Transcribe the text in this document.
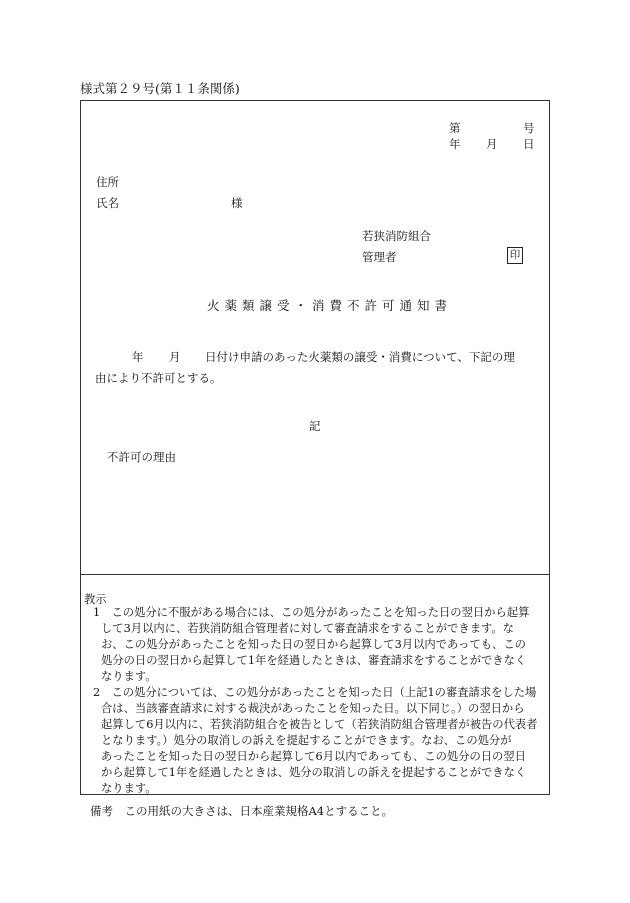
様式第２９号(第１１条関係)
第	号
年 月 日
住所
氏名	様
若狭消防組合
管理者	印
火薬類譲受・消費不許可通知書
年 月 日付け申請のあった火薬類の譲受・消費について、下記の理
由により不許可とする。
記
不許可の理由
教示
1　この処分に不服がある場合には、この処分があったことを知った日の翌日から起算
して3月以内に、若狭消防組合管理者に対して審査請求をすることができます。な
お、この処分があったことを知った日の翌日から起算して3月以内であっても、この
処分の日の翌日から起算して1年を経過したときは、審査請求をすることができなく
なります。
2　この処分については、この処分があったことを知った日（上記1の審査請求をした場
合は、当該審査請求に対する裁決があったことを知った日。以下同じ。）の翌日から
起算して6月以内に、若狭消防組合を被告として（若狭消防組合管理者が被告の代表者
となります。）処分の取消しの訴えを提起することができます。なお、この処分が
あったことを知った日の翌日から起算して6月以内であっても、この処分の日の翌日
から起算して1年を経過したときは、処分の取消しの訴えを提起することができなく
なります。
備考　この用紙の大きさは、日本産業規格A4とすること。
